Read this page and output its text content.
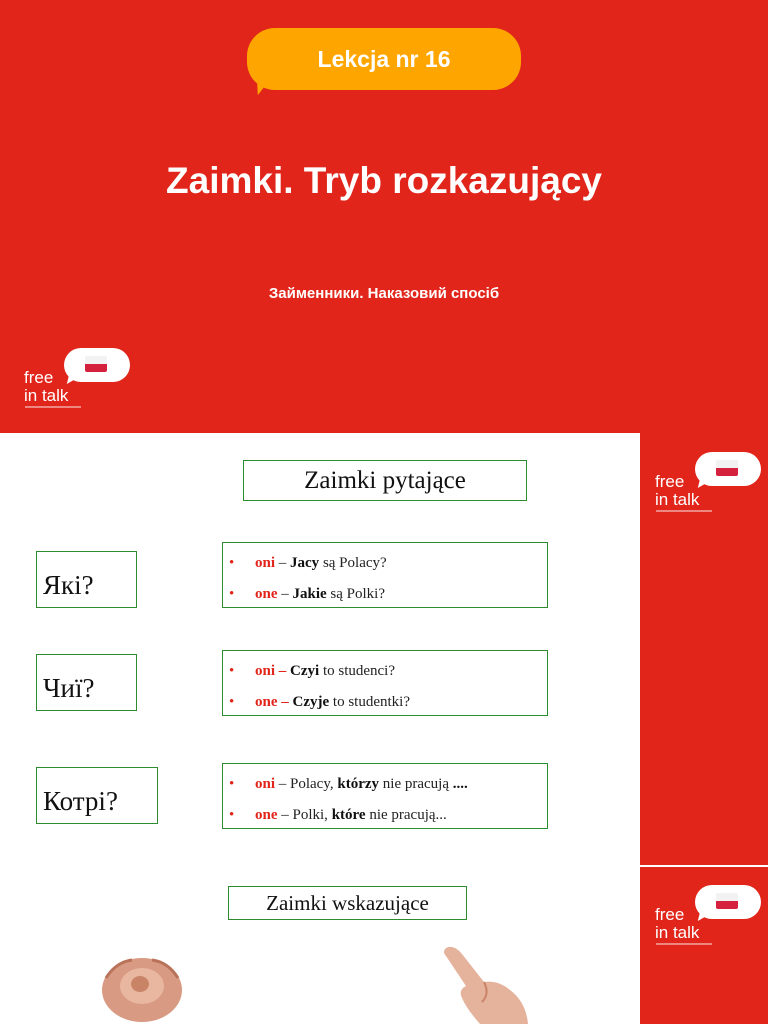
Lekcja nr 16
Zaimki. Tryb rozkazujący
Займенники. Наказовий спосіб
free
in talk
free
in talk
free
in talk
Zaimki pytające
Які?
• oni – Jacy są Polacy?
• one – Jakie są Polki?
Чиї?
• oni – Czyi to studenci?
• one – Czyje to studentki?
Котрі?
• oni – Polacy, którzy nie pracują ....
• one – Polki, które nie pracują...
Zaimki wskazujące
